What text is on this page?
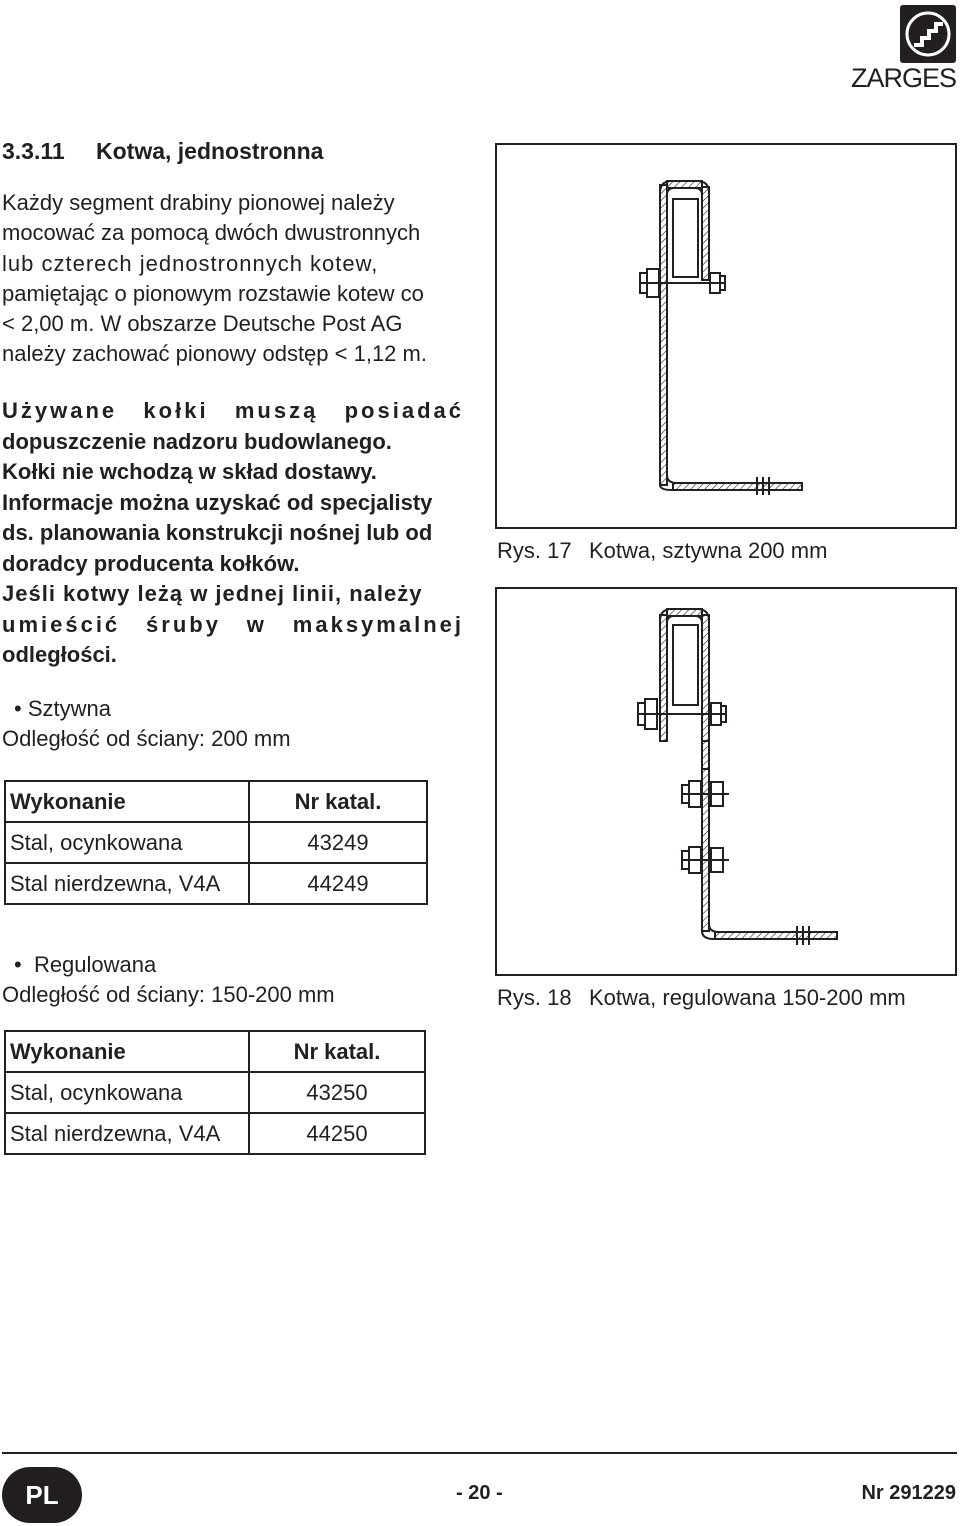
ZARGES
3.3.11 Kotwa, jednostronna
Każdy segment drabiny pionowej należy
mocować za pomocą dwóch dwustronnych
lub czterech jednostronnych kotew,
pamiętając o pionowym rozstawie kotew co
< 2,00 m. W obszarze Deutsche Post AG
należy zachować pionowy odstęp < 1,12 m.
Używane kołki muszą posiadać
dopuszczenie nadzoru budowlanego.
Kołki nie wchodzą w skład dostawy.
Informacje można uzyskać od specjalisty
ds. planowania konstrukcji nośnej lub od
doradcy producenta kołków.
Jeśli kotwy leżą w jednej linii, należy
umieścić śruby w maksymalnej
odległości.
• Sztywna
Odległość od ściany: 200 mm
Wykonanie	Nr katal.
Stal, ocynkowana	43249
Stal nierdzewna, V4A	44249
• Regulowana
Odległość od ściany: 150-200 mm
Wykonanie	Nr katal.
Stal, ocynkowana	43250
Stal nierdzewna, V4A	44250
Rys. 17 Kotwa, sztywna 200 mm
Rys. 18 Kotwa, regulowana 150-200 mm
PL	- 20 -	Nr 291229
